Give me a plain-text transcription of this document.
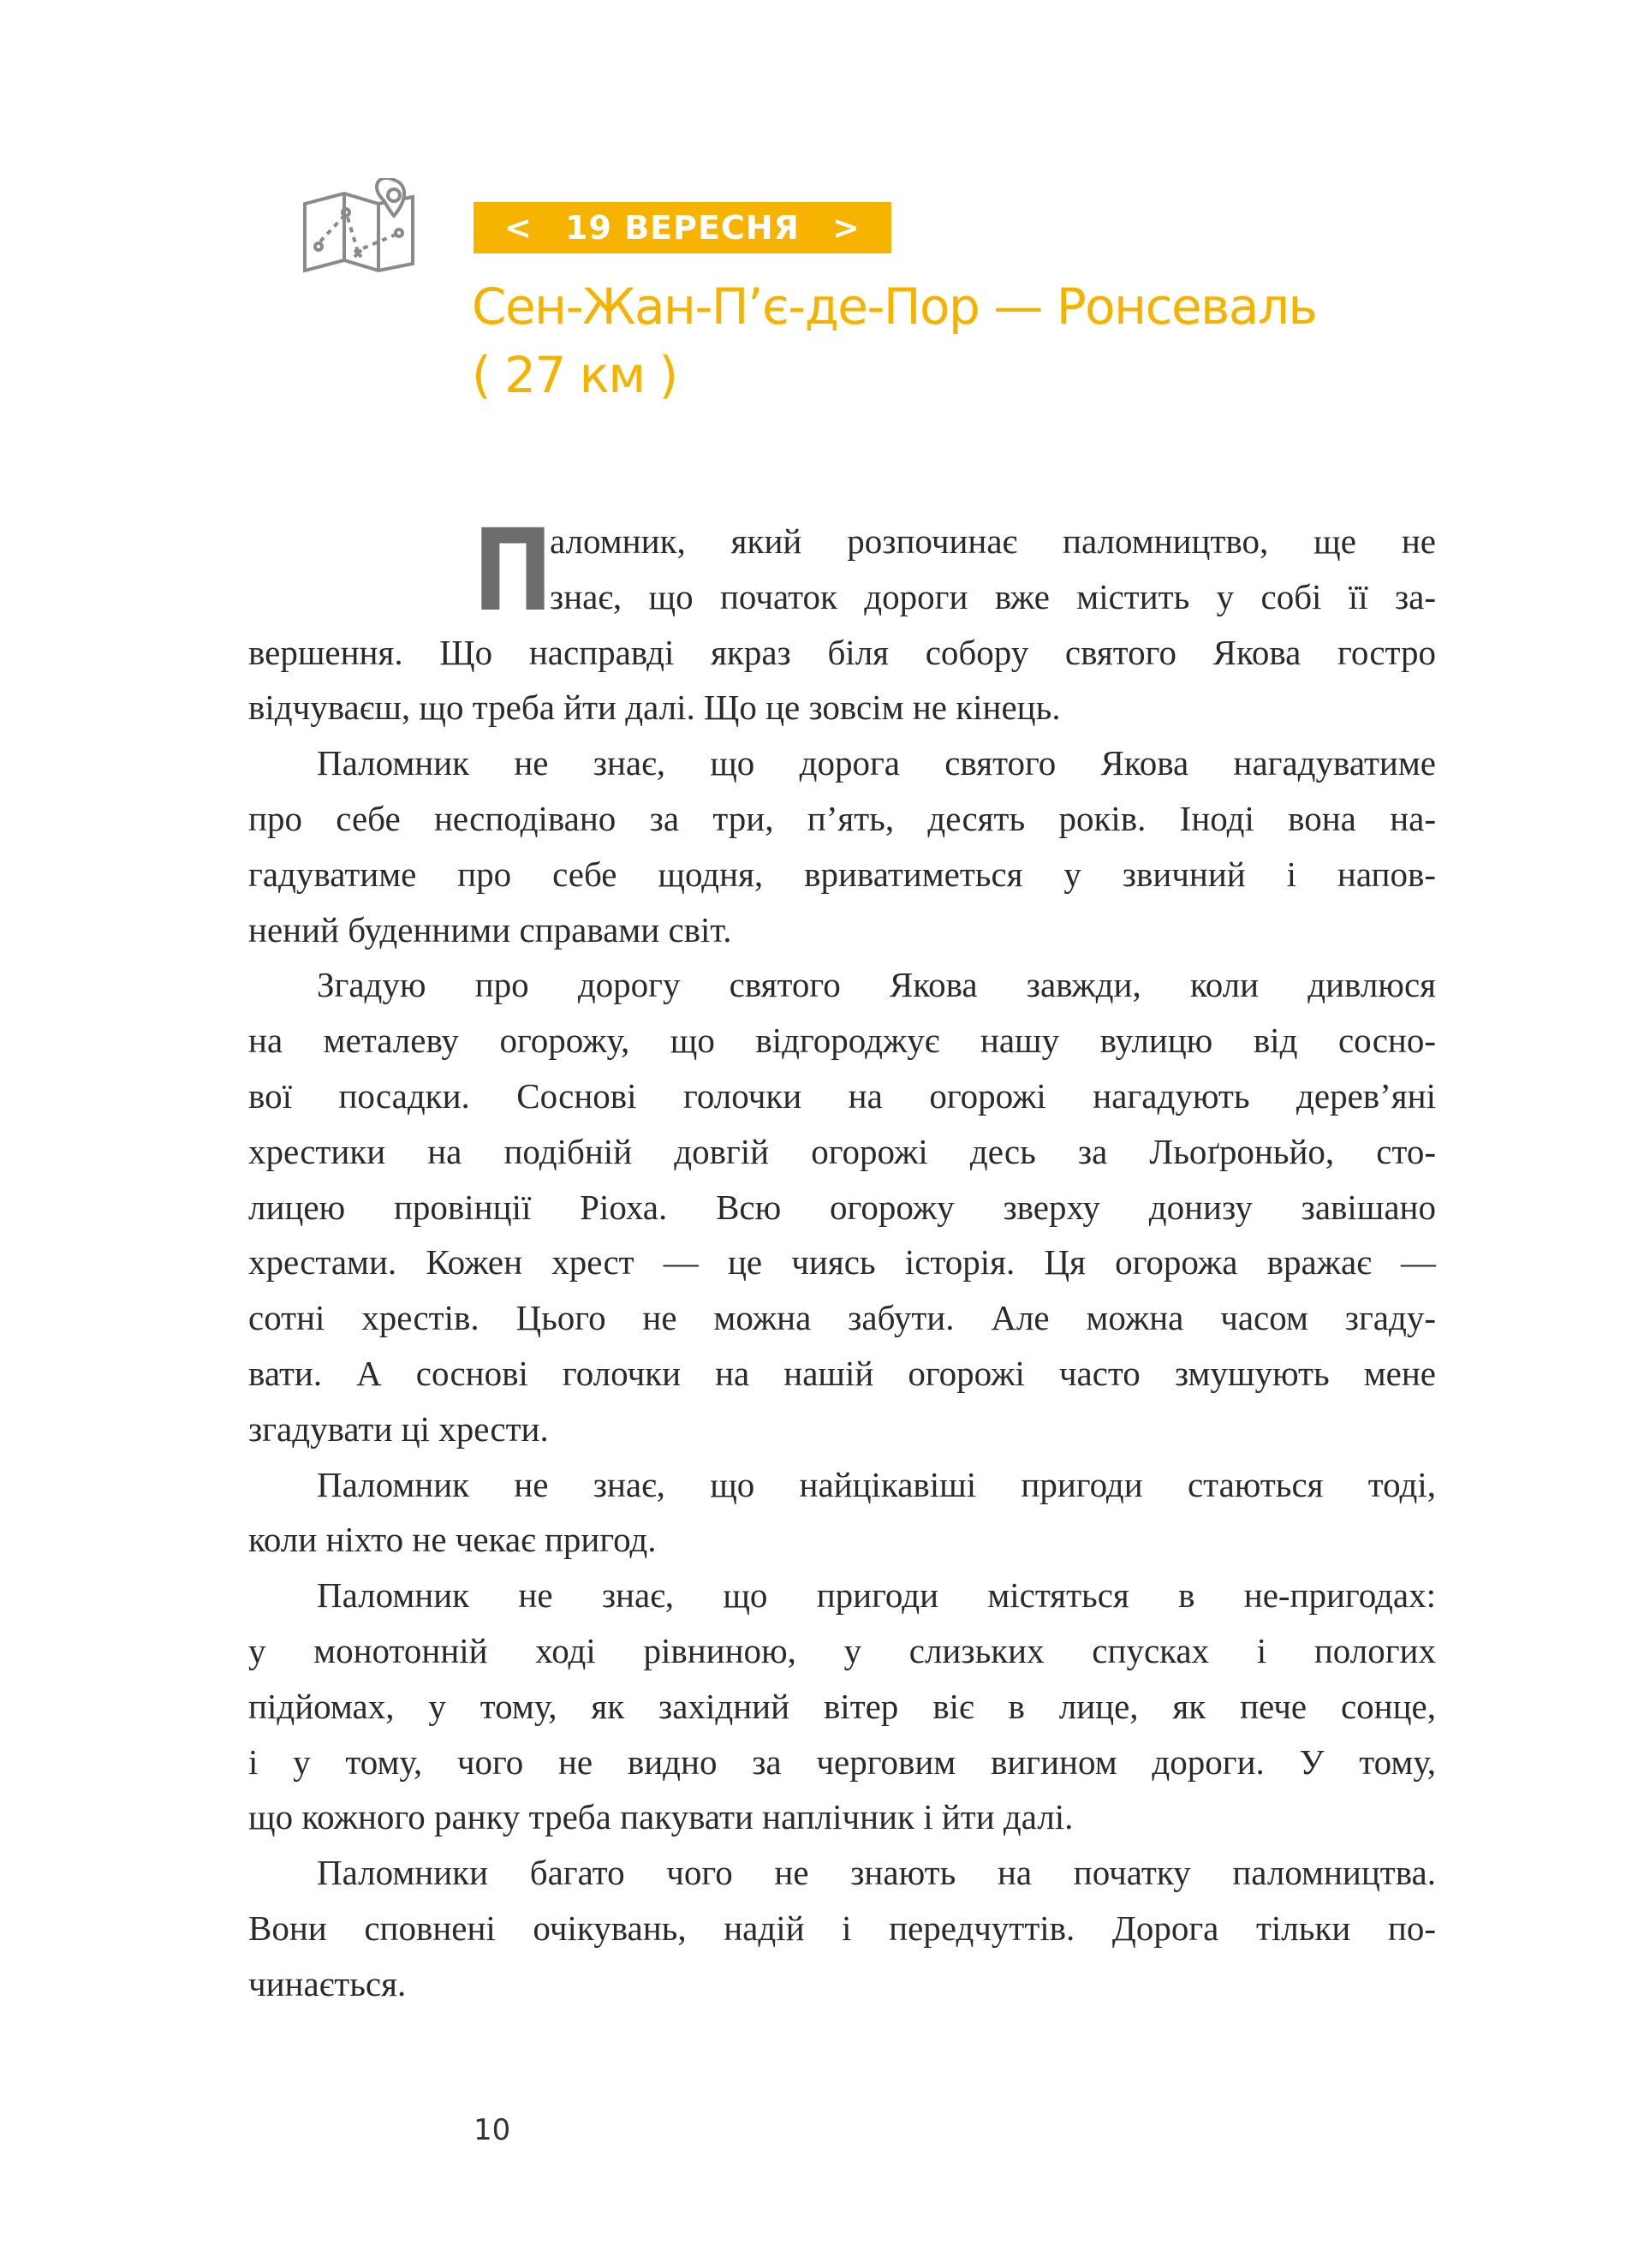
< 19 ВЕРЕСНЯ >
Сен-Жан-П’є-де-Пор — Ронсеваль
( 27 км )
П
аломник, який розпочинає паломництво, ще не
знає, що початок дороги вже містить у собі її за-
вершення. Що насправді якраз біля собору святого Якова гостро
відчуваєш, що треба йти далі. Що це зовсім не кінець.
Паломник не знає, що дорога святого Якова нагадуватиме
про себе несподівано за три, п’ять, десять років. Іноді вона на-
гадуватиме про себе щодня, вриватиметься у звичний і напов-
нений буденними справами світ.
Згадую про дорогу святого Якова завжди, коли дивлюся
на металеву огорожу, що відгороджує нашу вулицю від сосно-
вої посадки. Соснові голочки на огорожі нагадують дерев’яні
хрестики на подібній довгій огорожі десь за Льоґроньйо, сто-
лицею провінції Ріоха. Всю огорожу зверху донизу завішано
хрестами. Кожен хрест — це чиясь історія. Ця огорожа вражає —
сотні хрестів. Цього не можна забути. Але можна часом згаду-
вати. А соснові голочки на нашій огорожі часто змушують мене
згадувати ці хрести.
Паломник не знає, що найцікавіші пригоди стаються тоді,
коли ніхто не чекає пригод.
Паломник не знає, що пригоди містяться в не-пригодах:
у монотонній ході рівниною, у слизьких спусках і пологих
підйомах, у тому, як західний вітер віє в лице, як пече сонце,
і у тому, чого не видно за черговим вигином дороги. У тому,
що кожного ранку треба пакувати наплічник і йти далі.
Паломники багато чого не знають на початку паломництва.
Вони сповнені очікувань, надій і передчуттів. Дорога тільки по-
чинається.
10
